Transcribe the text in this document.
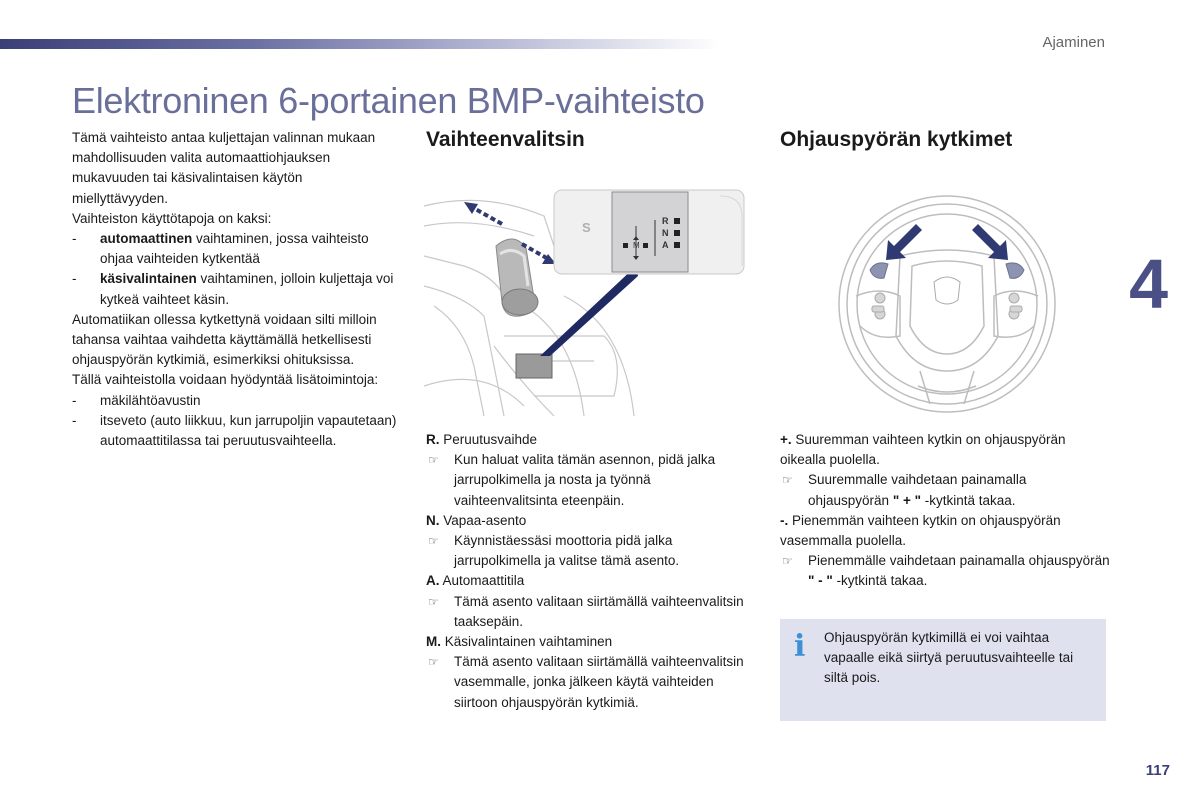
Ajaminen
Elektroninen 6-portainen BMP-vaihteisto
4
117
Tämä vaihteisto antaa kuljettajan valinnan mukaan mahdollisuuden valita automaattiohjauksen mukavuuden tai käsivalintaisen käytön miellyttävyyden.
Vaihteiston käyttötapoja on kaksi:
-	automaattinen vaihtaminen, jossa vaihteisto ohjaa vaihteiden kytkentää
-	käsivalintainen vaihtaminen, jolloin kuljettaja voi kytkeä vaihteet käsin.
Automatiikan ollessa kytkettynä voidaan silti milloin tahansa vaihtaa vaihdetta käyttämällä hetkellisesti ohjauspyörän kytkimiä, esimerkiksi ohituksissa.
Tällä vaihteistolla voidaan hyödyntää lisätoimintoja:
-	mäkilähtöavustin
-	itseveto (auto liikkuu, kun jarrupoljin vapautetaan) automaattitilassa tai peruutusvaihteella.
Vaihteenvalitsin
S	R
N
A
M
R. Peruutusvaihde
☞	Kun haluat valita tämän asennon, pidä jalka jarrupolkimella ja nosta ja työnnä vaihteenvalitsinta eteenpäin.
N. Vapaa-asento
☞	Käynnistäessäsi moottoria pidä jalka jarrupolkimella ja valitse tämä asento.
A. Automaattitila
☞	Tämä asento valitaan siirtämällä vaihteenvalitsin taaksepäin.
M. Käsivalintainen vaihtaminen
☞	Tämä asento valitaan siirtämällä vaihteenvalitsin vasemmalle, jonka jälkeen käytä vaihteiden siirtoon ohjauspyörän kytkimiä.
Ohjauspyörän kytkimet
+. Suuremman vaihteen kytkin on ohjauspyörän oikealla puolella.
☞	Suuremmalle vaihdetaan painamalla ohjauspyörän " + " -kytkintä takaa.
-. Pienemmän vaihteen kytkin on ohjauspyörän vasemmalla puolella.
☞	Pienemmälle vaihdetaan painamalla ohjauspyörän " - " -kytkintä takaa.
i Ohjauspyörän kytkimillä ei voi vaihtaa vapaalle eikä siirtyä peruutusvaihteelle tai siltä pois.
